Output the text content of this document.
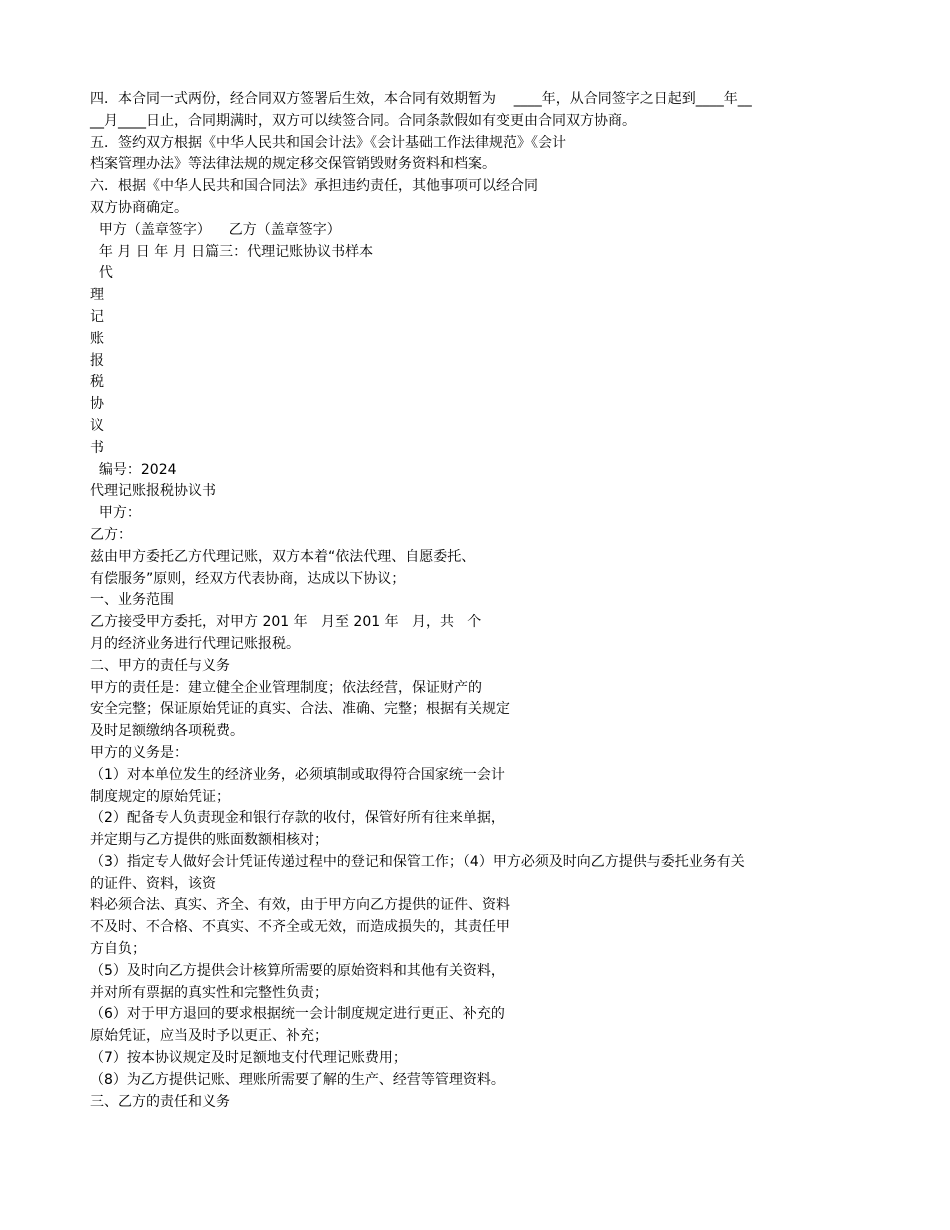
四．本合同一式两份，经合同双方签署后生效，本合同有效期暂为    ____年，从合同签字之日起到____年__

__月____日止，合同期满时，双方可以续签合同。合同条款假如有变更由合同双方协商。

五．签约双方根据《中华人民共和国会计法》《会计基础工作法律规范》《会计

档案管理办法》等法律法规的规定移交保管销毁财务资料和档案。

六．根据《中华人民共和国合同法》承担违约责任，其他事项可以经合同

双方协商确定。

甲方（盖章签字）    乙方（盖章签字）

年 月 日 年 月 日篇三：代理记账协议书样本

代

理

记

账

报

税

协

议

书

编号：2024

代理记账报税协议书

甲方：

乙方：

兹由甲方委托乙方代理记账，双方本着“依法代理、自愿委托、

有偿服务”原则，经双方代表协商，达成以下协议；

一、业务范围

乙方接受甲方委托，对甲方 201 年   月至 201 年   月，共   个

月的经济业务进行代理记账报税。

二、甲方的责任与义务

甲方的责任是：建立健全企业管理制度；依法经营，保证财产的

安全完整；保证原始凭证的真实、合法、准确、完整；根据有关规定

及时足额缴纳各项税费。

甲方的义务是：

（1）对本单位发生的经济业务，必须填制或取得符合国家统一会计

制度规定的原始凭证；

（2）配备专人负责现金和银行存款的收付，保管好所有往来单据，

并定期与乙方提供的账面数额相核对；

（3）指定专人做好会计凭证传递过程中的登记和保管工作；（4）甲方必须及时向乙方提供与委托业务有关

的证件、资料，该资

料必须合法、真实、齐全、有效，由于甲方向乙方提供的证件、资料

不及时、不合格、不真实、不齐全或无效，而造成损失的，其责任甲

方自负；

（5）及时向乙方提供会计核算所需要的原始资料和其他有关资料，

并对所有票据的真实性和完整性负责；

（6）对于甲方退回的要求根据统一会计制度规定进行更正、补充的

原始凭证，应当及时予以更正、补充；

（7）按本协议规定及时足额地支付代理记账费用；

（8）为乙方提供记账、理账所需要了解的生产、经营等管理资料。

三、乙方的责任和义务
